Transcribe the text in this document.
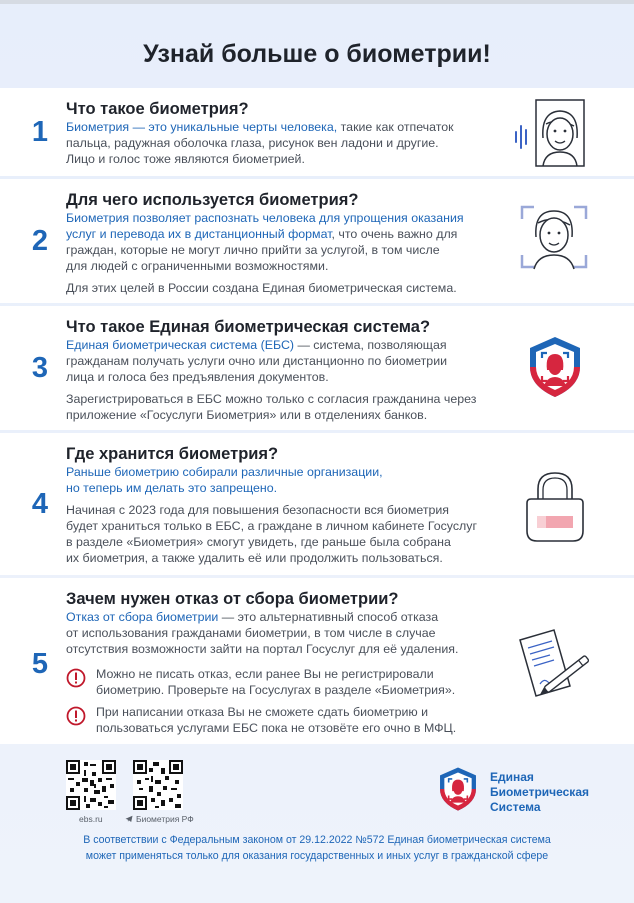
Узнай больше о биометрии!
1
Что такое биометрия?
Биометрия — это уникальные черты человека, такие как отпечаток
пальца, радужная оболочка глаза, рисунок вен ладони и другие.
Лицо и голос тоже являются биометрией.
2
Для чего используется биометрия?
Биометрия позволяет распознать человека для упрощения оказания
услуг и перевода их в дистанционный формат, что очень важно для
граждан, которые не могут лично прийти за услугой, в том числе
для людей с ограниченными возможностями.

Для этих целей в России создана Единая биометрическая система.

3
Что такое Единая биометрическая система?
Единая биометрическая система (ЕБС) — система, позволяющая
гражданам получать услуги очно или дистанционно по биометрии
лица и голоса без предъявления документов.
Зарегистрироваться в ЕБС можно только с согласия гражданина через
приложение «Госуслуги Биометрия» или в отделениях банков.
4
Где хранится биометрия?
Раньше биометрию собирали различные организации,
но теперь им делать это запрещено.
Начиная с 2023 года для повышения безопасности вся биометрия
будет храниться только в ЕБС, а граждане в личном кабинете Госуслуг
в разделе «Биометрия» смогут увидеть, где раньше была собрана
их биометрия, а также удалить её или продолжить пользоваться.
5
Зачем нужен отказ от сбора биометрии?
Отказ от сбора биометрии — это альтернативный способ отказа
от использования гражданами биометрии, в том числе в случае
отсутствия возможности зайти на портал Госуслуг для её удаления.
Можно не писать отказ, если ранее Вы не регистрировали
биометрию. Проверьте на Госуслугах в разделе «Биометрия».
При написании отказа Вы не сможете сдать биометрию и
пользоваться услугами ЕБС пока не отзовёте его очно в МФЦ.
ebs.ru	Биометрия РФ
Единая
Биометрическая
Система
В соответствии с Федеральным законом от 29.12.2022 №572 Единая биометрическая система
может применяться только для оказания государственных и иных услуг в гражданской сфере
